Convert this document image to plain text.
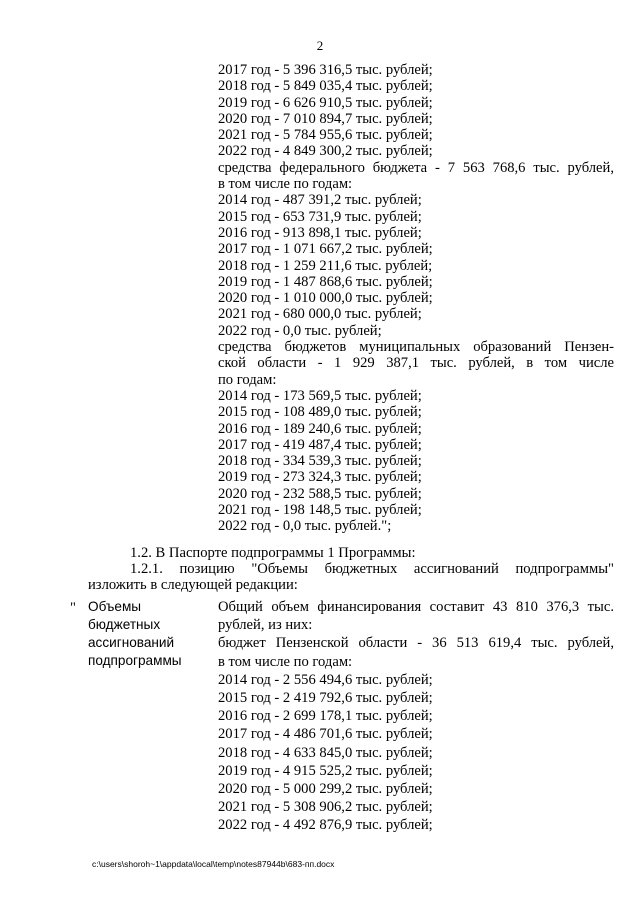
2
2017 год - 5 396 316,5 тыс. рублей;
2018 год - 5 849 035,4 тыс. рублей;
2019 год - 6 626 910,5 тыс. рублей;
2020 год - 7 010 894,7 тыс. рублей;
2021 год - 5 784 955,6 тыс. рублей;
2022 год - 4 849 300,2 тыс. рублей;
средства федерального бюджета - 7 563 768,6 тыс. рублей,
в том числе по годам:
2014 год - 487 391,2 тыс. рублей;
2015 год - 653 731,9 тыс. рублей;
2016 год - 913 898,1 тыс. рублей;
2017 год - 1 071 667,2 тыс. рублей;
2018 год - 1 259 211,6 тыс. рублей;
2019 год - 1 487 868,6 тыс. рублей;
2020 год - 1 010 000,0 тыс. рублей;
2021 год - 680 000,0 тыс. рублей;
2022 год - 0,0 тыс. рублей;
средства бюджетов муниципальных образований Пензен-
ской области - 1 929 387,1 тыс. рублей, в том числе
по годам:
2014 год - 173 569,5 тыс. рублей;
2015 год - 108 489,0 тыс. рублей;
2016 год - 189 240,6 тыс. рублей;
2017 год - 419 487,4 тыс. рублей;
2018 год - 334 539,3 тыс. рублей;
2019 год - 273 324,3 тыс. рублей;
2020 год - 232 588,5 тыс. рублей;
2021 год - 198 148,5 тыс. рублей;
2022 год - 0,0 тыс. рублей.";
1.2. В Паспорте подпрограммы 1 Программы:
1.2.1. позицию "Объемы бюджетных ассигнований подпрограммы"
изложить в следующей редакции:
" Объемы
бюджетных
ассигнований
подпрограммы
Общий объем финансирования составит 43 810 376,3 тыс.
рублей, из них:
бюджет Пензенской области - 36 513 619,4 тыс. рублей,
в том числе по годам:
2014 год - 2 556 494,6 тыс. рублей;
2015 год - 2 419 792,6 тыс. рублей;
2016 год - 2 699 178,1 тыс. рублей;
2017 год - 4 486 701,6 тыс. рублей;
2018 год - 4 633 845,0 тыс. рублей;
2019 год - 4 915 525,2 тыс. рублей;
2020 год - 5 000 299,2 тыс. рублей;
2021 год - 5 308 906,2 тыс. рублей;
2022 год - 4 492 876,9 тыс. рублей;
c:\users\shoroh~1\appdata\local\temp\notes87944b\683-пп.docx
